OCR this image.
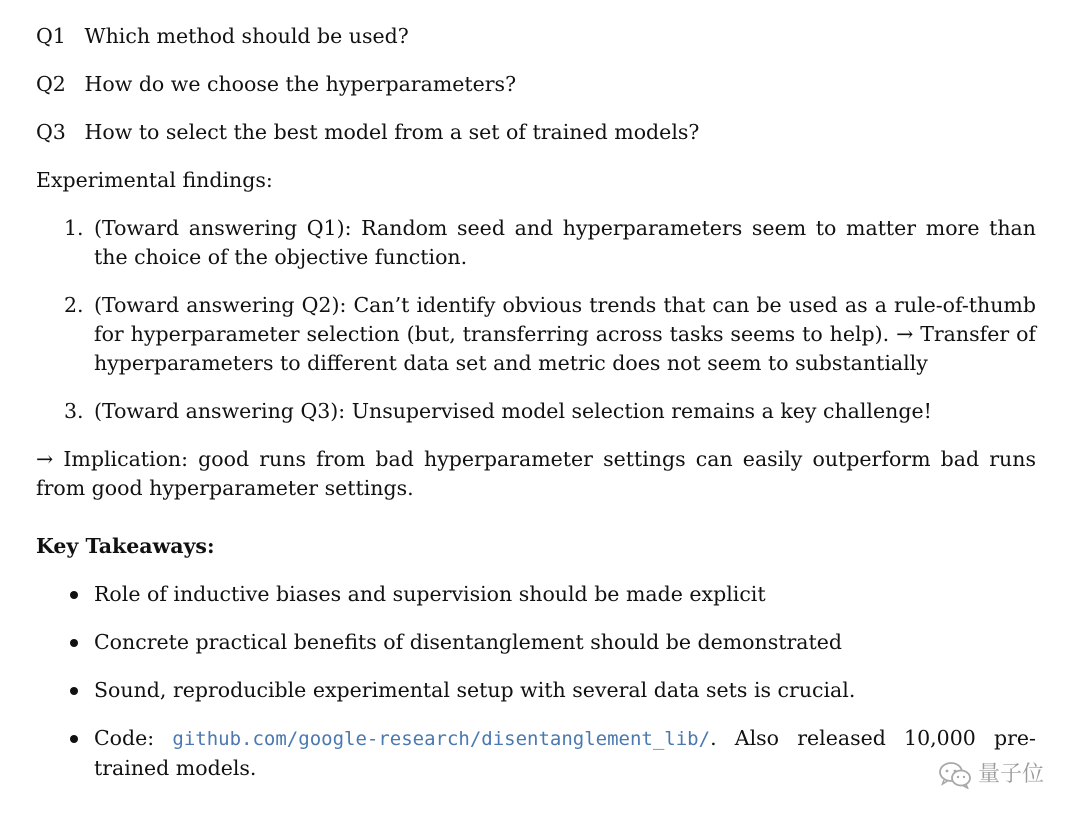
Q1 Which method should be used?

Q2 How do we choose the hyperparameters?

Q3 How to select the best model from a set of trained models?

Experimental findings:

1. (Toward answering Q1): Random seed and hyperparameters seem to matter more than the choice of the objective function.
2. (Toward answering Q2): Can’t identify obvious trends that can be used as a rule-of-thumb for hyperparameter selection (but, transferring across tasks seems to help). → Transfer of hyperparameters to different data set and metric does not seem to substantially
3. (Toward answering Q3): Unsupervised model selection remains a key challenge!

→ Implication: good runs from bad hyperparameter settings can easily outperform bad runs from good hyperparameter settings.

Key Takeaways:

Role of inductive biases and supervision should be made explicit
Concrete practical benefits of disentanglement should be demonstrated
Sound, reproducible experimental setup with several data sets is crucial.
Code: github.com/google-research/disentanglement_lib/. Also released 10,000 pre-trained models.	量子位
